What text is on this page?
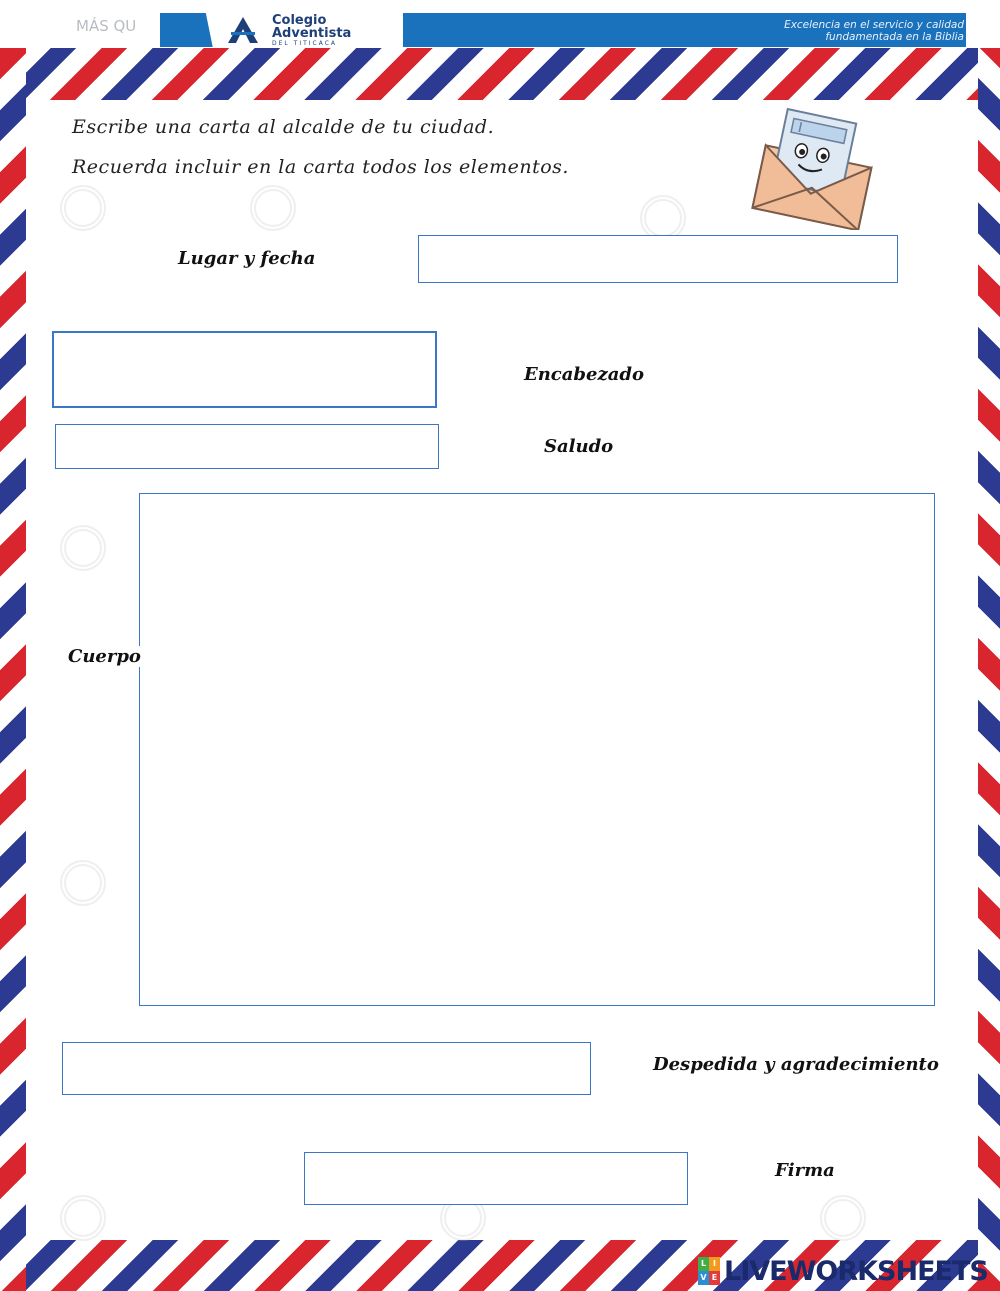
MÁS QU	Colegio
Adventista
DEL TITICACA
Excelencia en el servicio y calidad
fundamentada en la Biblia
Escribe una carta al alcalde de tu ciudad.
Recuerda incluir en la carta todos los elementos.
Lugar y fecha
Encabezado
Saludo
Cuerpo
Despedida y agradecimiento
Firma
L I
V E LIVEWORKSHEETS
